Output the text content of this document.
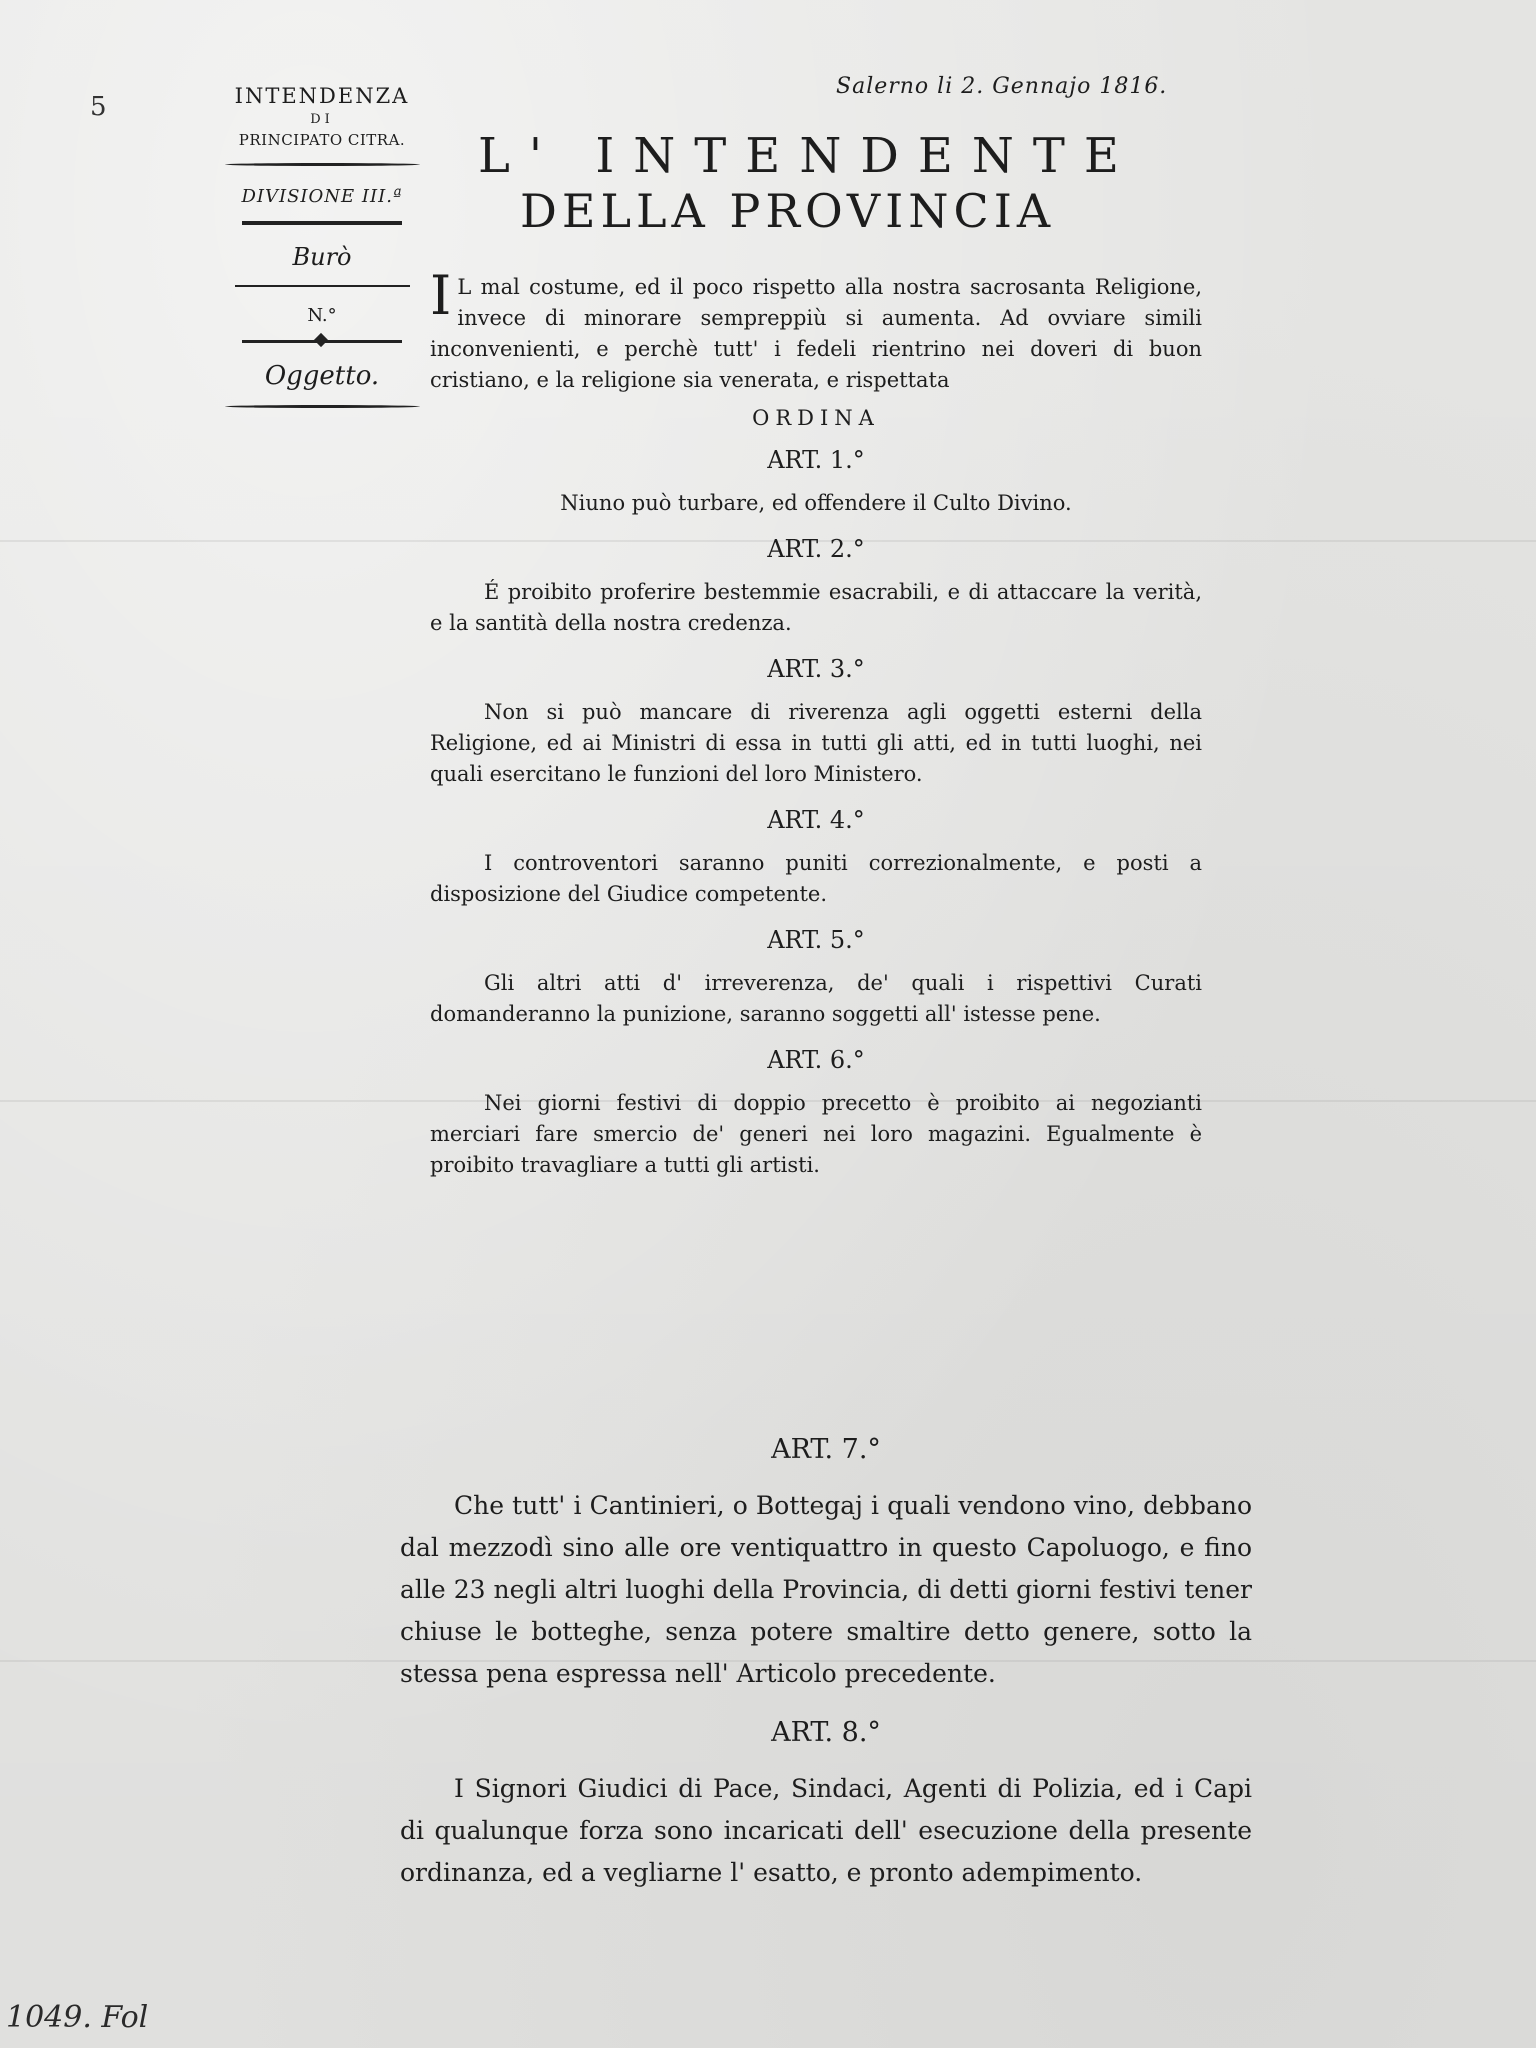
5	INTENDENZA
DI
PRINCIPATO CITRA.
DIVISIONE III.ª
Burò
N.°
Oggetto.
Salerno li 2. Gennajo 1816.
L' INTENDENTE
DELLA PROVINCIA

I L mal costume, ed il poco rispetto alla nostra sacrosanta Religione, invece di minorare sempreppiù si aumenta. Ad ovviare simili inconvenienti, e perchè tutt' i fedeli rientrino nei doveri di buon cristiano, e la religione sia venerata, e rispettata

ORDINA
ART. 1.°

Niuno può turbare, ed offendere il Culto Divino.

ART. 2.°

É proibito proferire bestemmie esacrabili, e di attaccare la verità, e la santità della nostra credenza.

ART. 3.°

Non si può mancare di riverenza agli oggetti esterni della Religione, ed ai Ministri di essa in tutti gli atti, ed in tutti luoghi, nei quali esercitano le funzioni del loro Ministero.

ART. 4.°

I controventori saranno puniti correzionalmente, e posti a disposizione del Giudice competente.

ART. 5.°

Gli altri atti d' irreverenza, de' quali i rispettivi Curati domanderanno la punizione, saranno soggetti all' istesse pene.

ART. 6.°

Nei giorni festivi di doppio precetto è proibito ai negozianti merciari fare smercio de' generi nei loro magazini. Egualmente è proibito travagliare a tutti gli artisti.

ART. 7.°

Che tutt' i Cantinieri, o Bottegaj i quali vendono vino, debbano dal mezzodì sino alle ore ventiquattro in questo Capoluogo, e fino alle 23 negli altri luoghi della Provincia, di detti giorni festivi tener chiuse le botteghe, senza potere smaltire detto genere, sotto la stessa pena espressa nell' Articolo precedente.

ART. 8.°

I Signori Giudici di Pace, Sindaci, Agenti di Polizia, ed i Capi di qualunque forza sono incaricati dell' esecuzione della presente ordinanza, ed a vegliarne l' esatto, e pronto adempimento.

1049. Fol
